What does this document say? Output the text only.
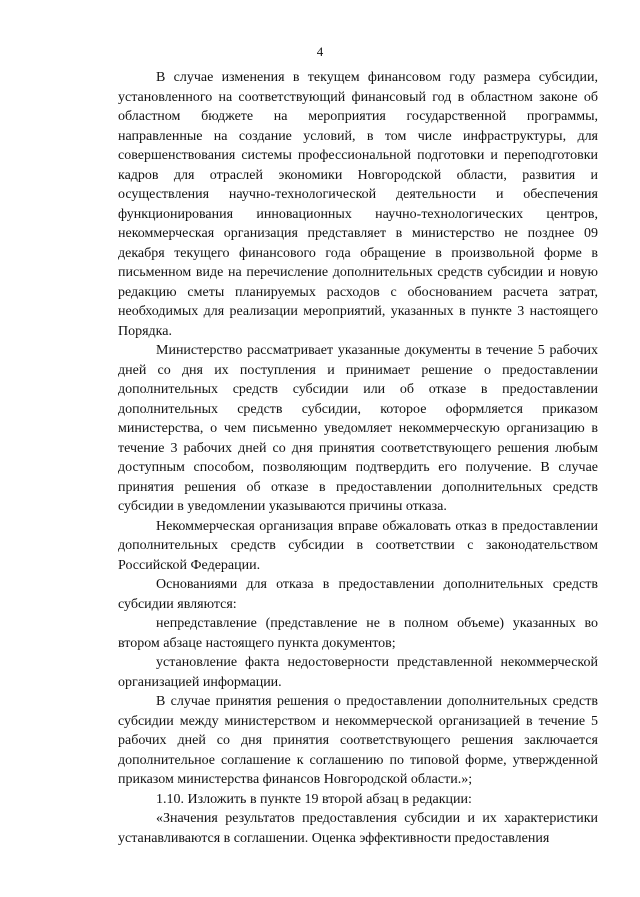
4

В случае изменения в текущем финансовом году размера субсидии, установленного на соответствующий финансовый год в областном законе об областном бюджете на мероприятия государственной программы, направленные на создание условий, в том числе инфраструктуры, для совершенствования системы профессиональной подготовки и переподготовки кадров для отраслей экономики Новгородской области, развития и осуществления научно-технологической деятельности и обеспечения функционирования инновационных научно-технологических центров, некоммерческая организация представляет в министерство не позднее 09 декабря текущего финансового года обращение в произвольной форме в письменном виде на перечисление дополнительных средств субсидии и новую редакцию сметы планируемых расходов с обоснованием расчета затрат, необходимых для реализации мероприятий, указанных в пункте 3 настоящего Порядка.

Министерство рассматривает указанные документы в течение 5 рабочих дней со дня их поступления и принимает решение о предоставлении дополнительных средств субсидии или об отказе в предоставлении дополнительных средств субсидии, которое оформляется приказом министерства, о чем письменно уведомляет некоммерческую организацию в течение 3 рабочих дней со дня принятия соответствующего решения любым доступным способом, позволяющим подтвердить его получение. В случае принятия решения об отказе в предоставлении дополнительных средств субсидии в уведомлении указываются причины отказа.

Некоммерческая организация вправе обжаловать отказ в предоставлении дополнительных средств субсидии в соответствии с законодательством Российской Федерации.

Основаниями для отказа в предоставлении дополнительных средств субсидии являются:

непредставление (представление не в полном объеме) указанных во втором абзаце настоящего пункта документов;

установление факта недостоверности представленной некоммерческой организацией информации.

В случае принятия решения о предоставлении дополнительных средств субсидии между министерством и некоммерческой организацией в течение 5 рабочих дней со дня принятия соответствующего решения заключается дополнительное соглашение к соглашению по типовой форме, утвержденной приказом министерства финансов Новгородской области.»;

1.10. Изложить в пункте 19 второй абзац в редакции:

«Значения результатов предоставления субсидии и их характеристики устанавливаются в соглашении. Оценка эффективности предоставления
